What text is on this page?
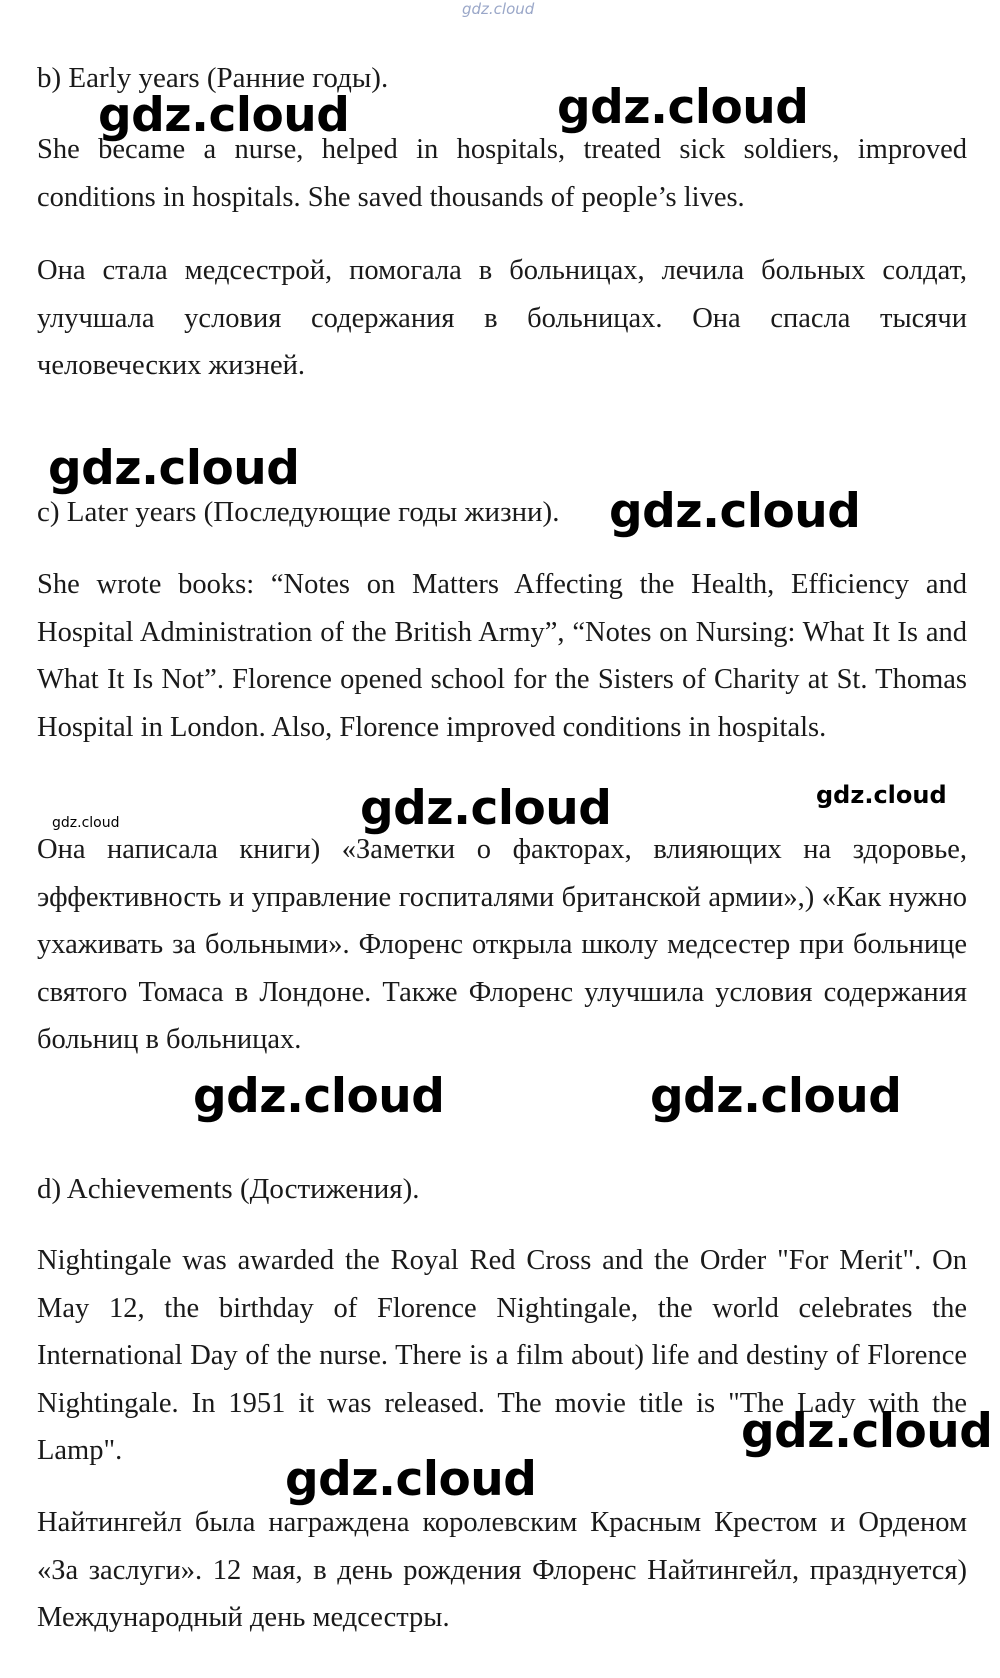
gdz.cloud
b) Early years (Ранние годы).

She became a nurse, helped in hospitals, treated sick soldiers, improved conditions in hospitals. She saved thousands of people’s lives.

Она стала медсестрой, помогала в больницах, лечила больных солдат, улучшала условия содержания в больницах. Она спасла тысячи человеческих жизней.

c) Later years (Последующие годы жизни).

She wrote books: “Notes on Matters Affecting the Health, Efficiency and Hospital Administration of the British Army”, “Notes on Nursing: What It Is and What It Is Not”. Florence opened school for the Sisters of Charity at St. Thomas Hospital in London. Also, Florence improved conditions in hospitals.

Она написала книги) «Заметки о факторах, влияющих на здоровье, эффективность и управление госпиталями британской армии»,) «Как нужно ухаживать за больными». Флоренс открыла школу медсестер при больнице святого Томаса в Лондоне. Также Флоренс улучшила условия содержания больниц в больницах.

d) Achievements (Достижения).

Nightingale was awarded the Royal Red Cross and the Order "For Merit". On May 12, the birthday of Florence Nightingale, the world celebrates the International Day of the nurse. There is a film about) life and destiny of Florence Nightingale. In 1951 it was released. The movie title is "The Lady with the Lamp".

Найтингейл была награждена королевским Красным Крестом и Орденом «За заслуги». 12 мая, в день рождения Флоренс Найтингейл, празднуется) Международный день медсестры.

gdz.cloud	gdz.cloud
gdz.cloud
gdz.cloud
gdz.cloud	gdz.cloud
gdz.cloud
gdz.cloud	gdz.cloud
gdz.cloud
gdz.cloud
